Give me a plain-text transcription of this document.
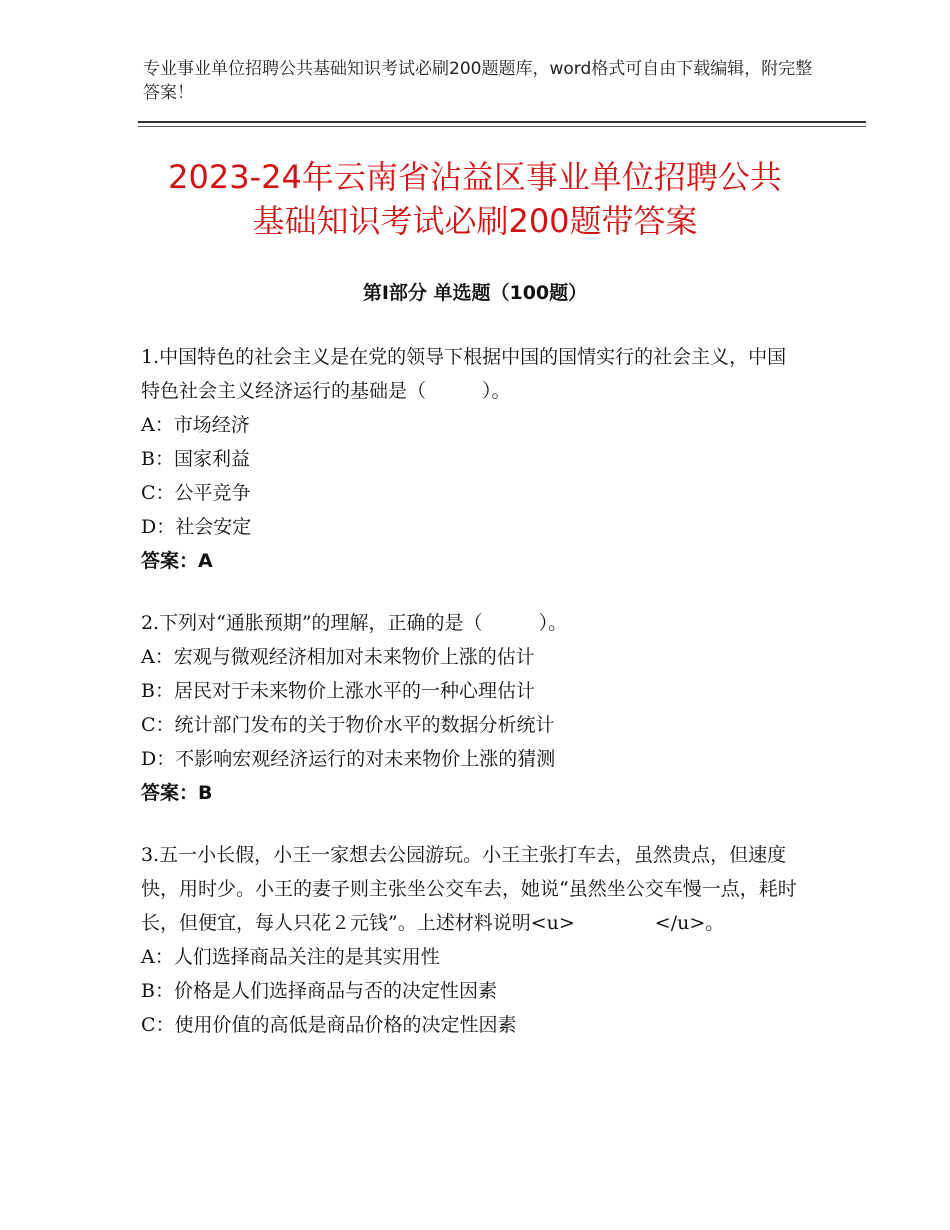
专业事业单位招聘公共基础知识考试必刷200题题库，word格式可自由下载编辑，附完整答案！
2023-24年云南省沾益区事业单位招聘公共
基础知识考试必刷200题带答案
第Ⅰ部分 单选题（100题）

1.中国特色的社会主义是在党的领导下根据中国的国情实行的社会主义，中国特色社会主义经济运行的基础是（	）。

A：市场经济

B：国家利益

C：公平竞争

D：社会安定

答案：A

2.下列对“通胀预期”的理解，正确的是（	）。

A：宏观与微观经济相加对未来物价上涨的估计

B：居民对于未来物价上涨水平的一种心理估计

C：统计部门发布的关于物价水平的数据分析统计

D：不影响宏观经济运行的对未来物价上涨的猜测

答案：B

3.五一小长假，小王一家想去公园游玩。小王主张打车去，虽然贵点，但速度快，用时少。小王的妻子则主张坐公交车去，她说“虽然坐公交车慢一点，耗时长，但便宜，每人只花２元钱”。上述材料说明<u>	</u>。

A：人们选择商品关注的是其实用性

B：价格是人们选择商品与否的决定性因素

C：使用价值的高低是商品价格的决定性因素
